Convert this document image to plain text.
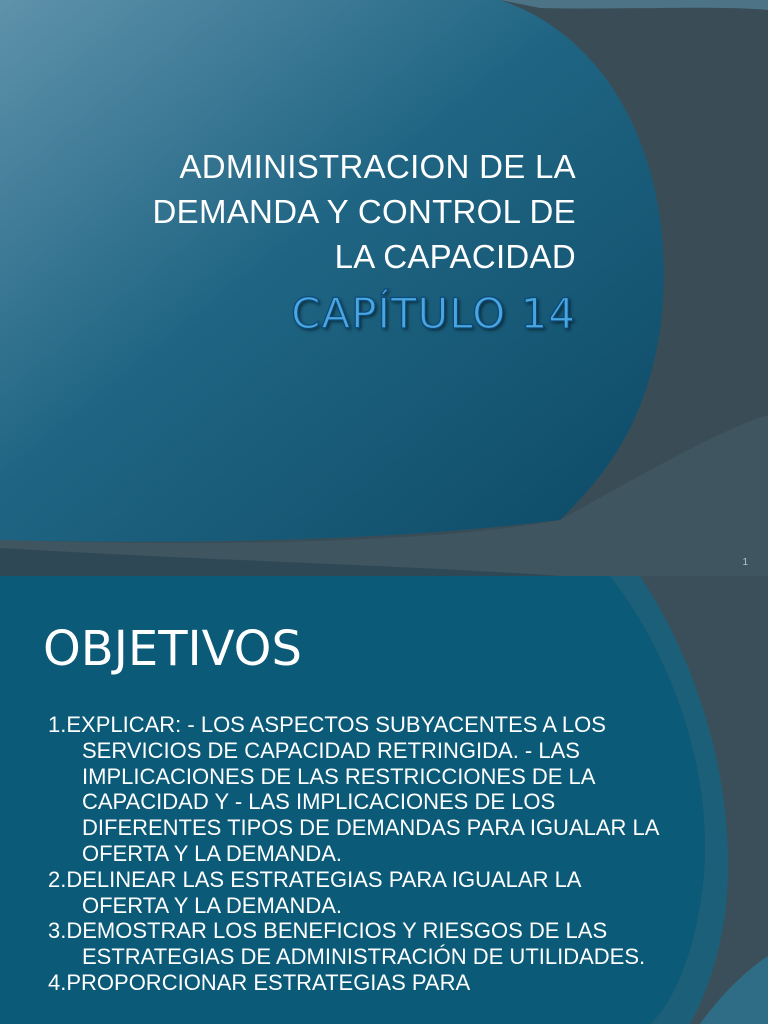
ADMINISTRACION DE LA
DEMANDA Y CONTROL DE
LA CAPACIDAD
CAPÍTULO 14
1
OBJETIVOS
1.EXPLICAR: - LOS ASPECTOS SUBYACENTES A LOS SERVICIOS DE CAPACIDAD RETRINGIDA. - LAS IMPLICACIONES DE LAS RESTRICCIONES DE LA CAPACIDAD Y - LAS IMPLICACIONES DE LOS DIFERENTES TIPOS DE DEMANDAS PARA IGUALAR LA OFERTA Y LA DEMANDA.
2.DELINEAR LAS ESTRATEGIAS PARA IGUALAR LA OFERTA Y LA DEMANDA.
3.DEMOSTRAR LOS BENEFICIOS Y RIESGOS DE LAS ESTRATEGIAS DE ADMINISTRACIÓN DE UTILIDADES.
4.PROPORCIONAR ESTRATEGIAS PARA
